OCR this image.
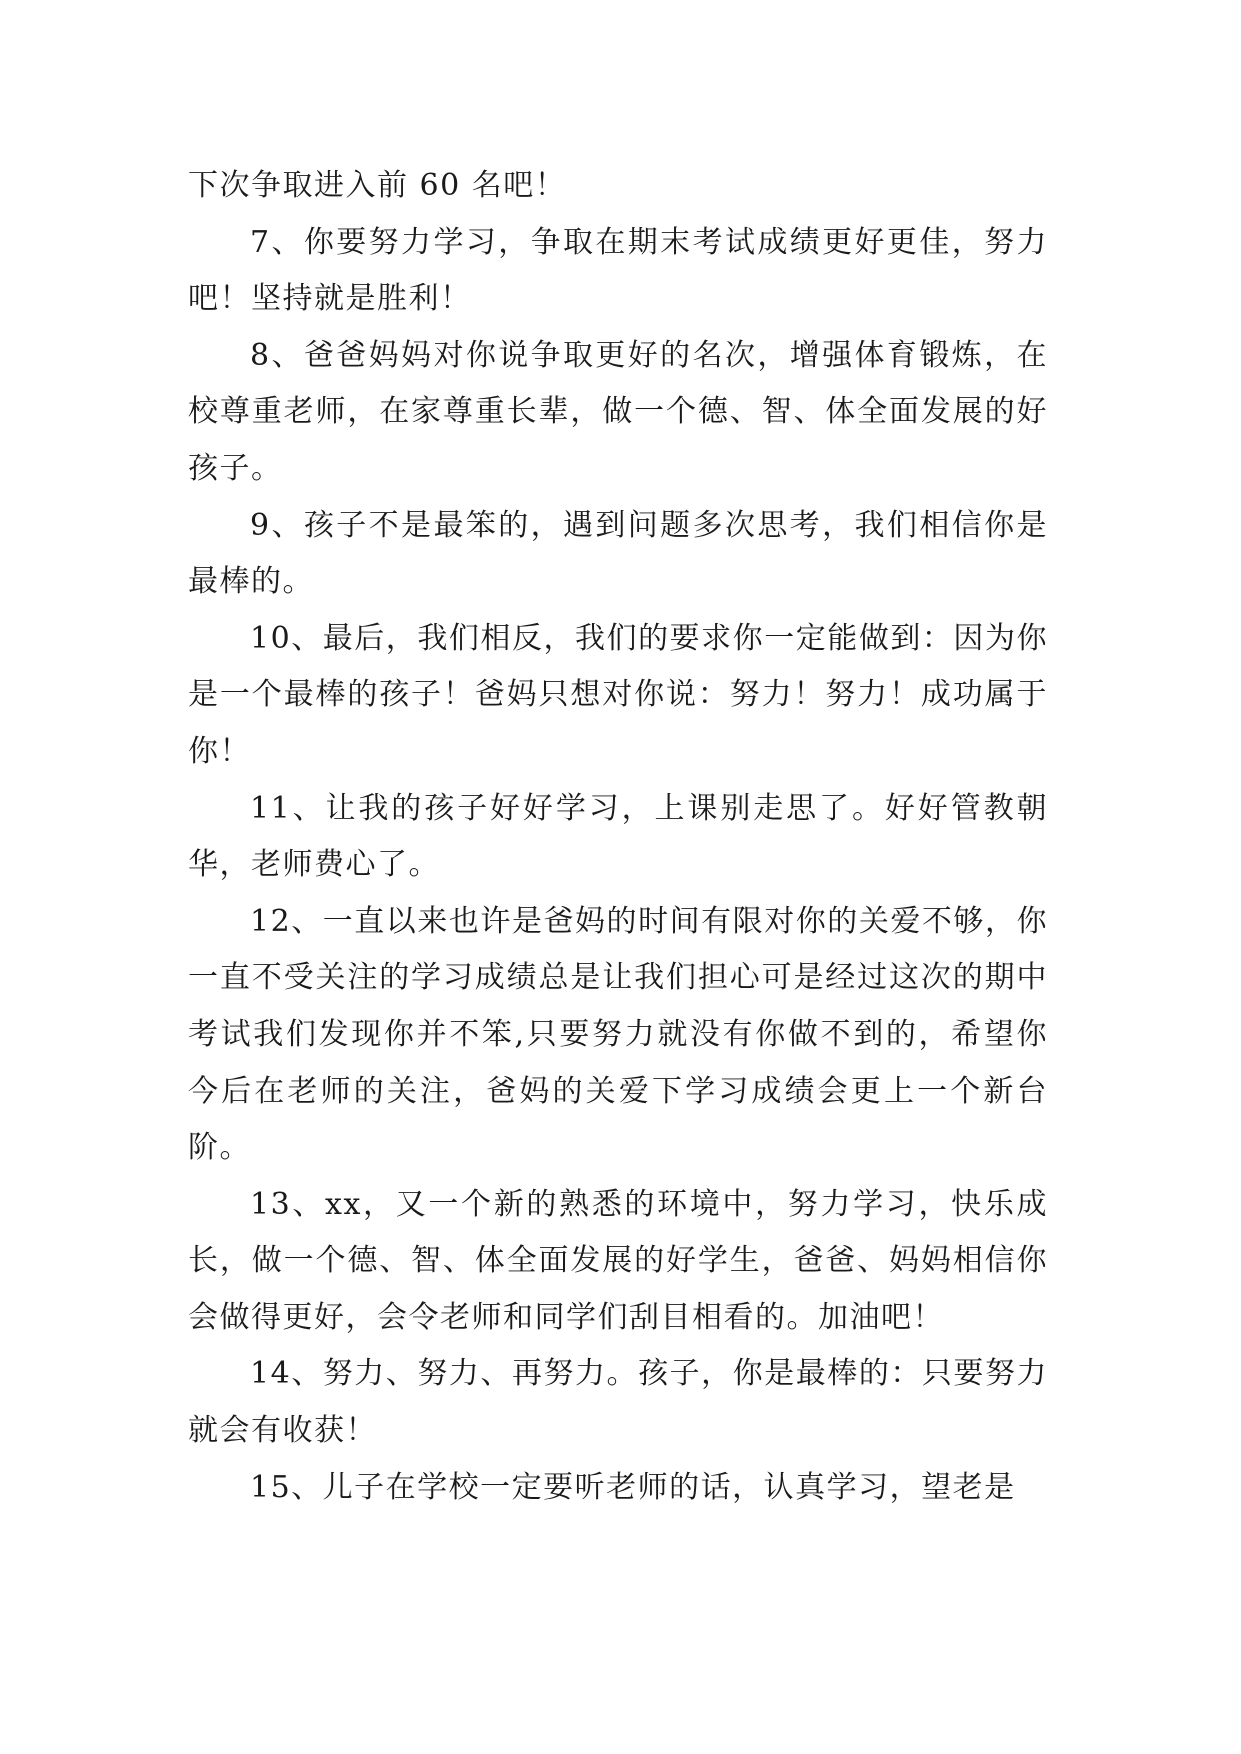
下次争取进入前 60 名吧！

7、你要努力学习，争取在期末考试成绩更好更佳，努力吧！坚持就是胜利！

8、爸爸妈妈对你说争取更好的名次，增强体育锻炼，在校尊重老师，在家尊重长辈，做一个德、智、体全面发展的好孩子。

9、孩子不是最笨的，遇到问题多次思考，我们相信你是最棒的。

10、最后，我们相反，我们的要求你一定能做到：因为你是一个最棒的孩子！爸妈只想对你说：努力！努力！成功属于你！

11、让我的孩子好好学习，上课别走思了。好好管教朝华，老师费心了。

12、一直以来也许是爸妈的时间有限对你的关爱不够，你一直不受关注的学习成绩总是让我们担心可是经过这次的期中考试我们发现你并不笨,只要努力就没有你做不到的，希望你今后在老师的关注，爸妈的关爱下学习成绩会更上一个新台阶。

13、xx，又一个新的熟悉的环境中，努力学习，快乐成长，做一个德、智、体全面发展的好学生，爸爸、妈妈相信你会做得更好，会令老师和同学们刮目相看的。加油吧！

14、努力、努力、再努力。孩子，你是最棒的：只要努力就会有收获！

15、儿子在学校一定要听老师的话，认真学习，望老是
